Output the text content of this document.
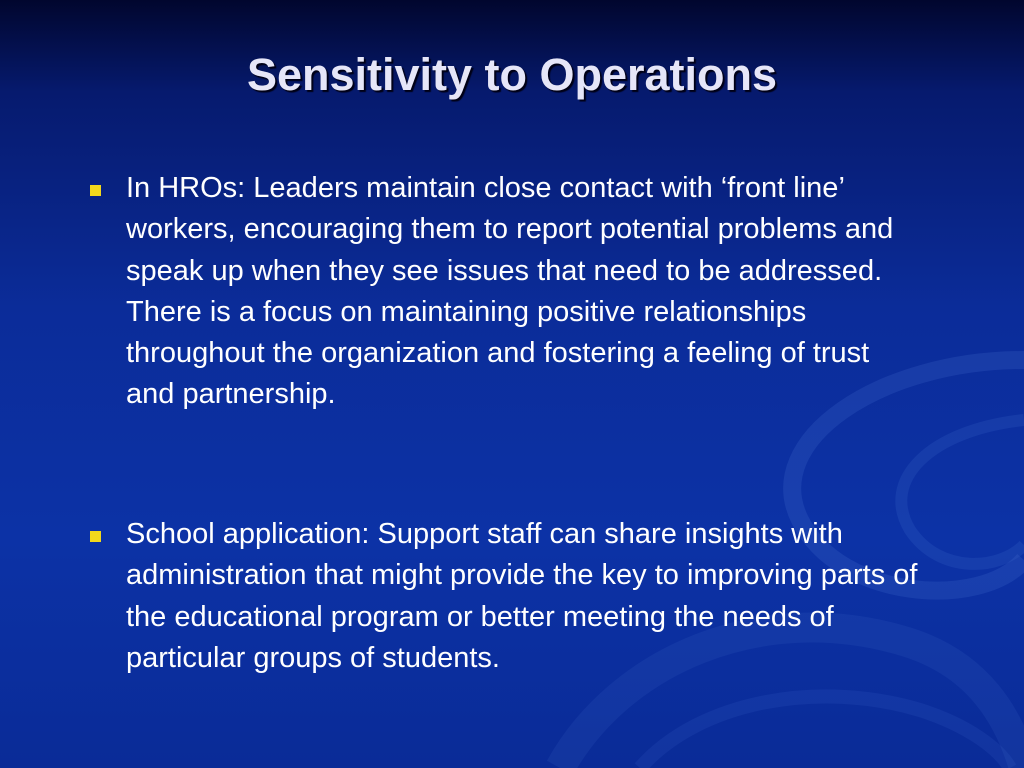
Sensitivity to Operations
In HROs: Leaders maintain close contact with ‘front line’ workers, encouraging them to report potential problems and speak up when they see issues that need to be addressed. There is a focus on maintaining positive relationships throughout the organization and fostering a feeling of trust and partnership.
School application: Support staff can share insights with administration that might provide the key to improving parts of the educational program or better meeting the needs of particular groups of students.
